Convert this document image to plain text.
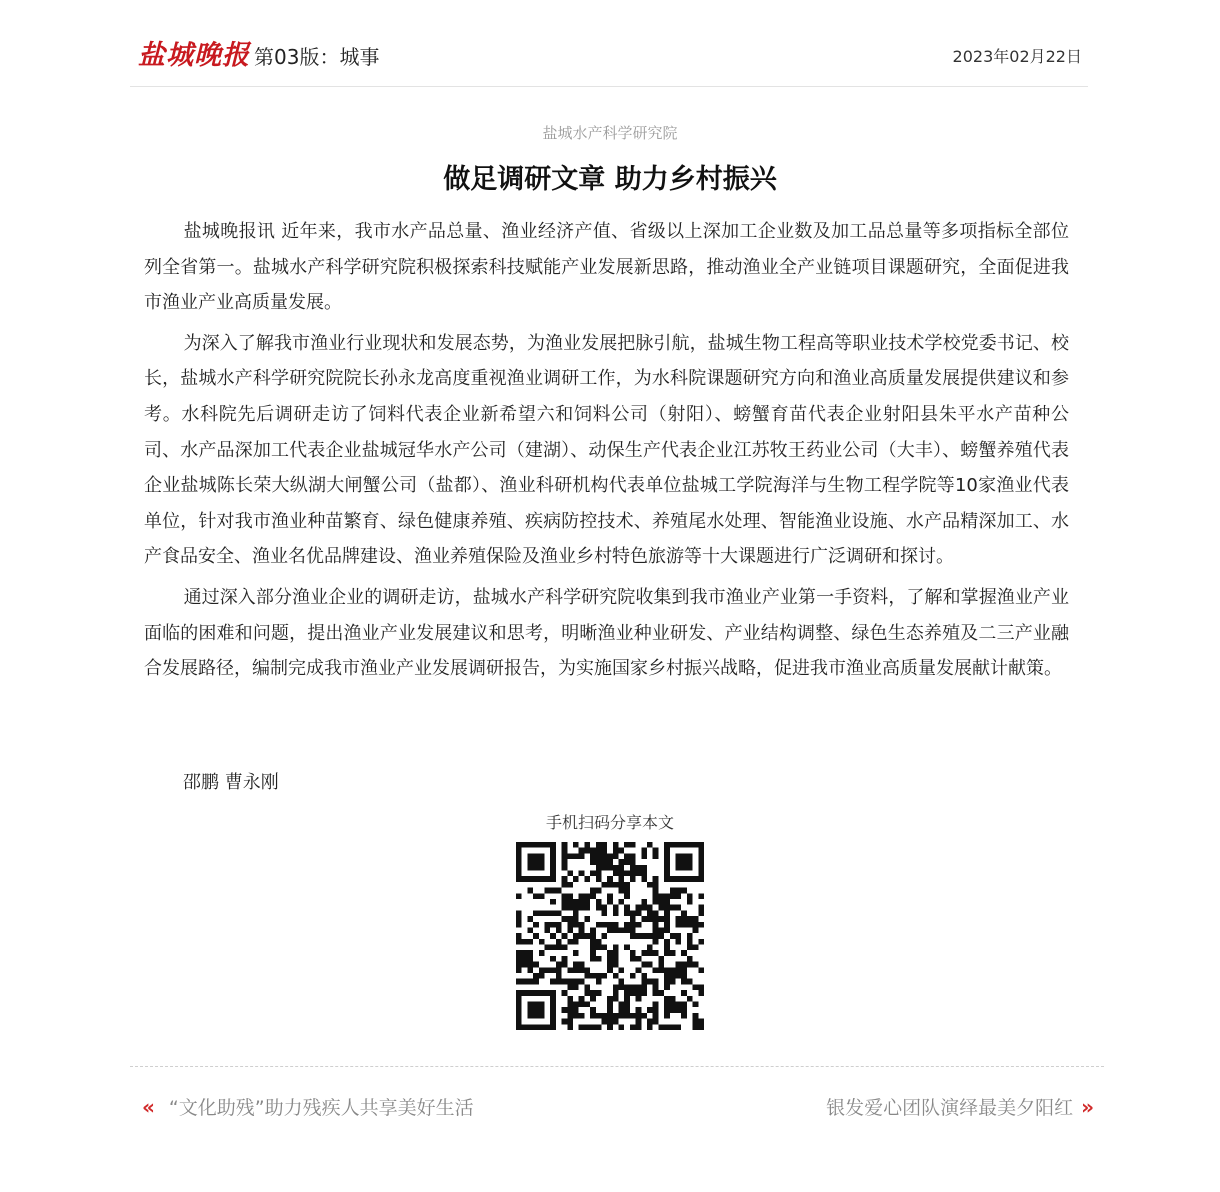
盐城晚报 第03版：城事	2023年02月22日
盐城水产科学研究院
做足调研文章 助力乡村振兴

盐城晚报讯 近年来，我市水产品总量、渔业经济产值、省级以上深加工企业数及加工品总量等多项指标全部位列全省第一。盐城水产科学研究院积极探索科技赋能产业发展新思路，推动渔业全产业链项目课题研究，全面促进我市渔业产业高质量发展。

为深入了解我市渔业行业现状和发展态势，为渔业发展把脉引航，盐城生物工程高等职业技术学校党委书记、校长，盐城水产科学研究院院长孙永龙高度重视渔业调研工作，为水科院课题研究方向和渔业高质量发展提供建议和参考。水科院先后调研走访了饲料代表企业新希望六和饲料公司（射阳）、螃蟹育苗代表企业射阳县朱平水产苗种公司、水产品深加工代表企业盐城冠华水产公司（建湖）、动保生产代表企业江苏牧王药业公司（大丰）、螃蟹养殖代表企业盐城陈长荣大纵湖大闸蟹公司（盐都）、渔业科研机构代表单位盐城工学院海洋与生物工程学院等10家渔业代表单位，针对我市渔业种苗繁育、绿色健康养殖、疾病防控技术、养殖尾水处理、智能渔业设施、水产品精深加工、水产食品安全、渔业名优品牌建设、渔业养殖保险及渔业乡村特色旅游等十大课题进行广泛调研和探讨。

通过深入部分渔业企业的调研走访，盐城水产科学研究院收集到我市渔业产业第一手资料，了解和掌握渔业产业面临的困难和问题，提出渔业产业发展建议和思考，明晰渔业种业研发、产业结构调整、绿色生态养殖及二三产业融合发展路径，编制完成我市渔业产业发展调研报告，为实施国家乡村振兴战略，促进我市渔业高质量发展献计献策。

邵鹏 曹永刚
手机扫码分享本文
« “文化助残”助力残疾人共享美好生活	银发爱心团队演绎最美夕阳红 »
